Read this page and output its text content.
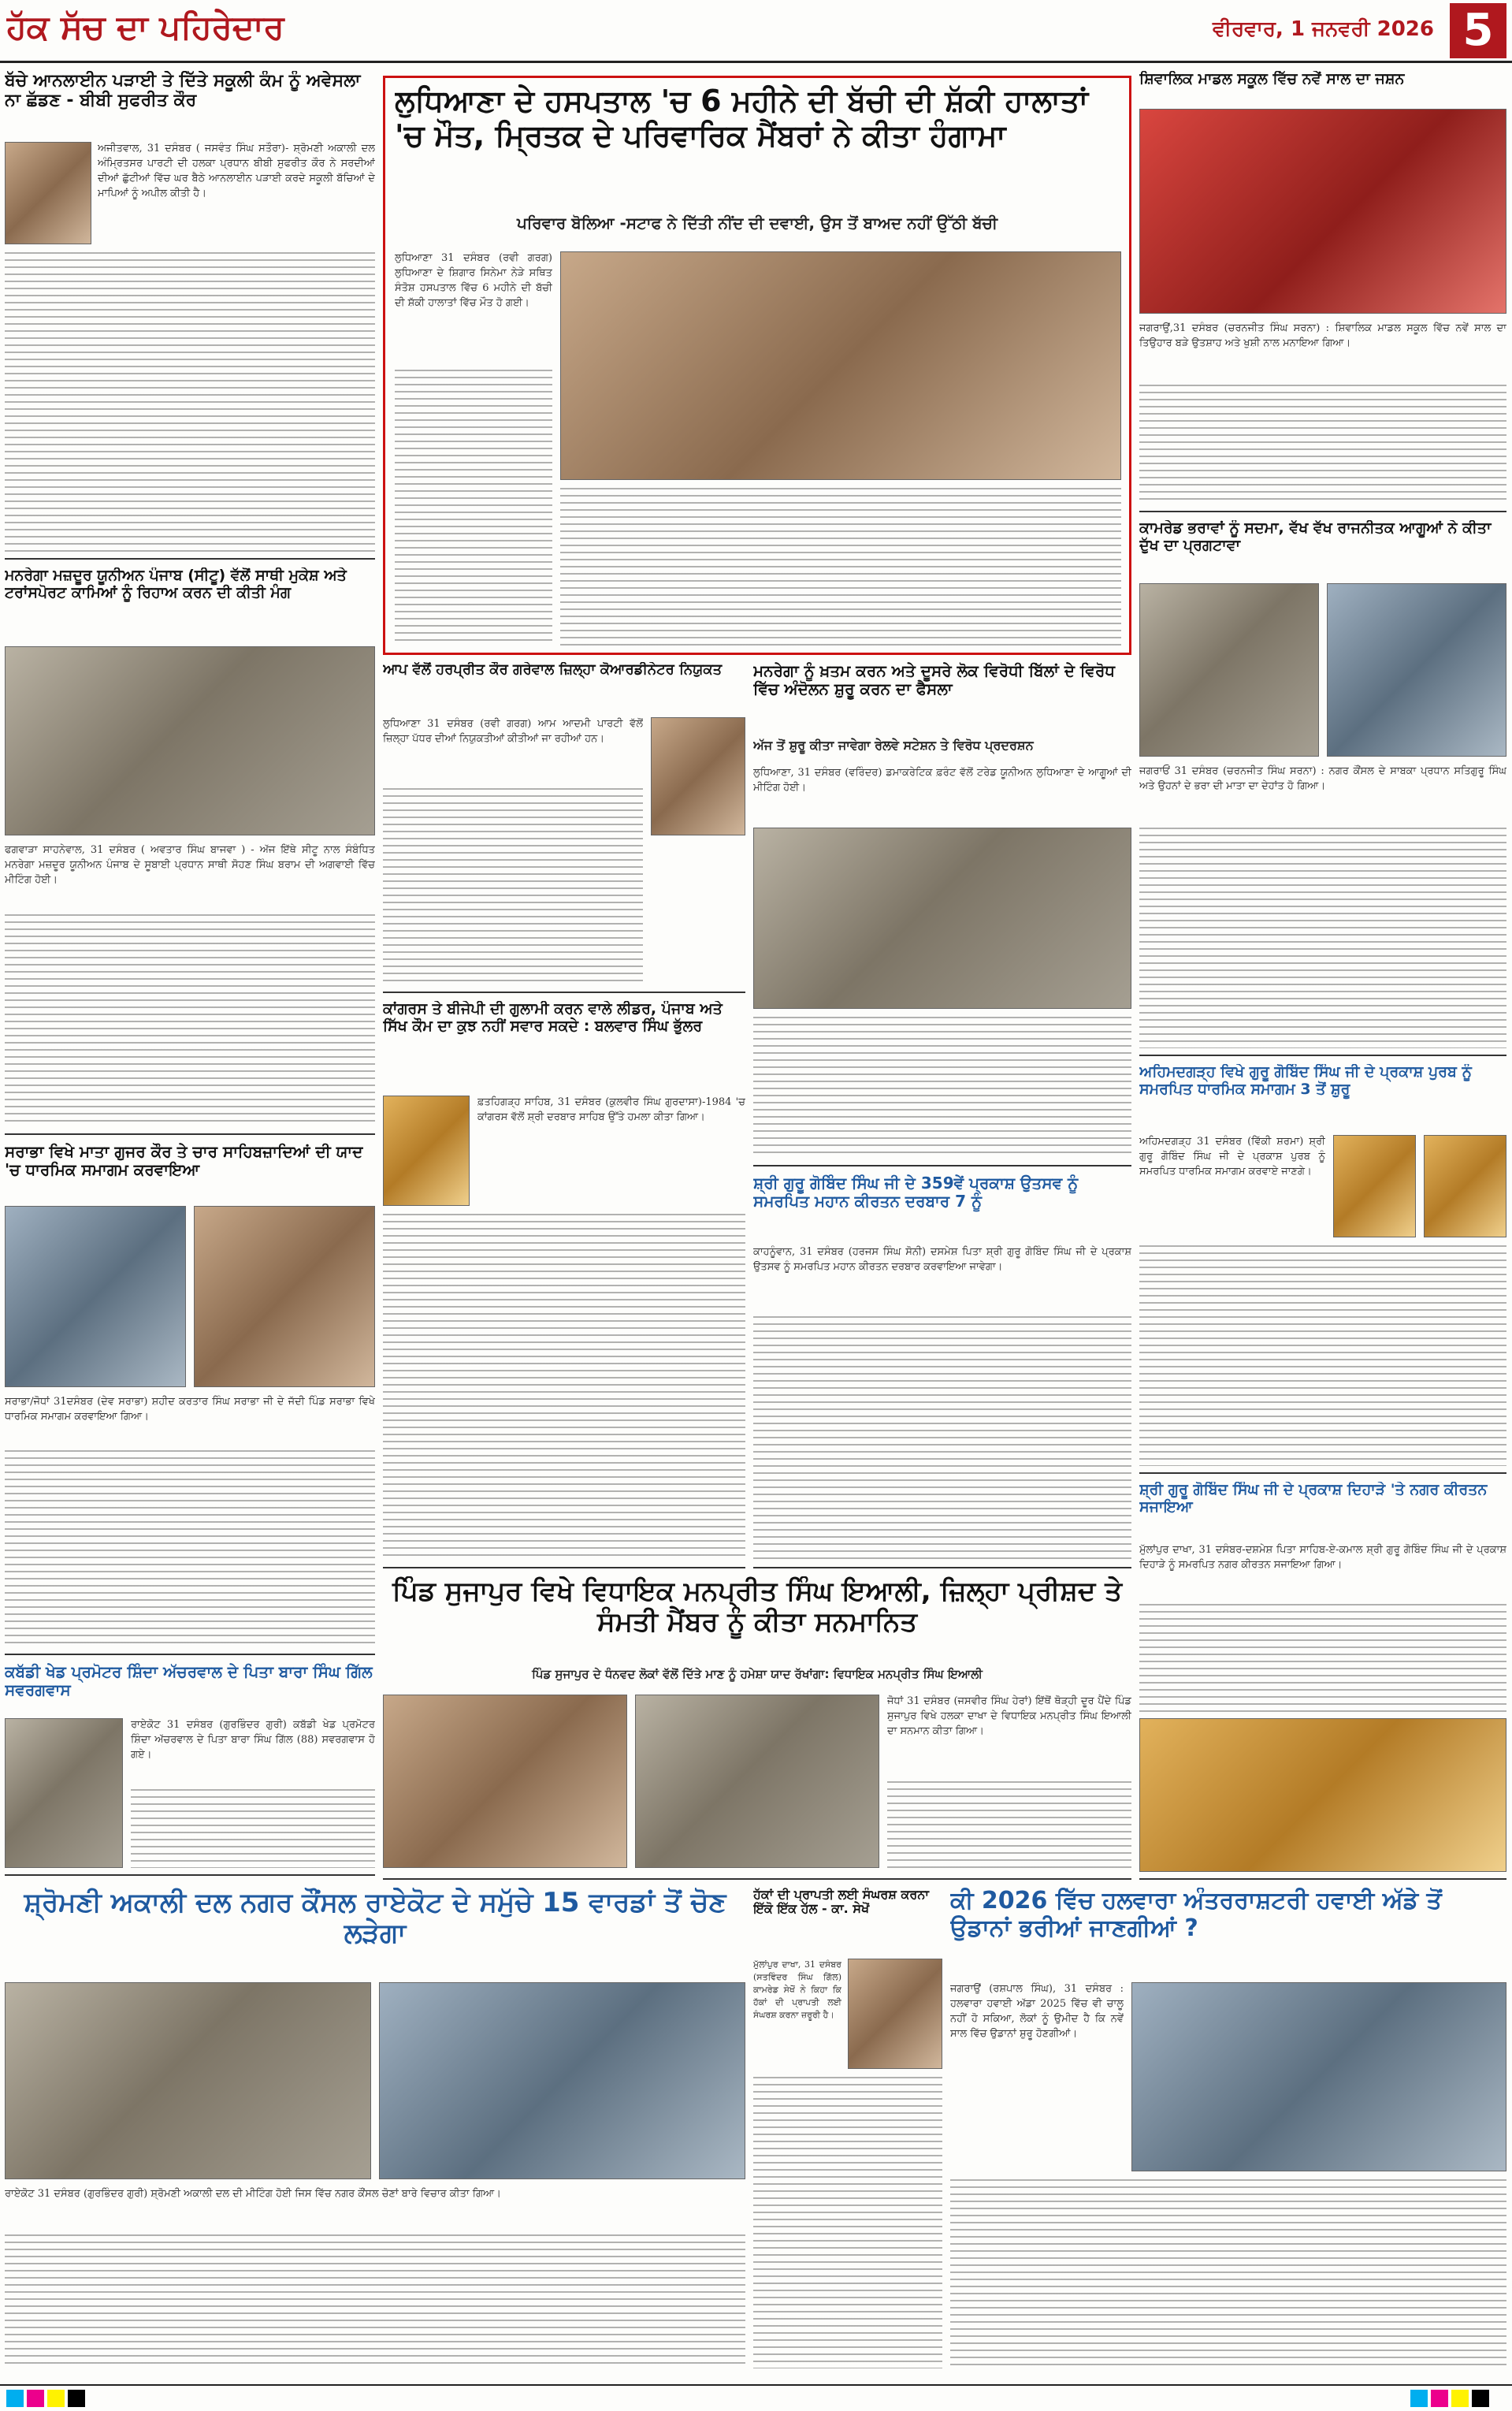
ਹੱਕ ਸੱਚ ਦਾ ਪਹਿਰੇਦਾਰ	ਵੀਰਵਾਰ, 1 ਜਨਵਰੀ 2026 5
ਬੱਚੇ ਆਨਲਾਈਨ ਪੜਾਈ ਤੇ ਦਿੱਤੇ ਸਕੂਲੀ ਕੰਮ ਨੂੰ ਅਵੇਸਲਾ ਨਾ ਛੱਡਣ - ਬੀਬੀ ਸੁਫਰੀਤ ਕੌਰ
ਅਜੀਤਵਾਲ, 31 ਦਸੰਬਰ ( ਜਸਵੰਤ ਸਿੰਘ ਸਤੌਰਾ)- ਸ਼੍ਰੋਮਣੀ ਅਕਾਲੀ ਦਲ ਅੰਮ੍ਰਿਤਸਰ ਪਾਰਟੀ ਦੀ ਹਲਕਾ ਪ੍ਰਧਾਨ ਬੀਬੀ ਸੁਫਰੀਤ ਕੌਰ ਨੇ ਸਰਦੀਆਂ ਦੀਆਂ ਛੁੱਟੀਆਂ ਵਿੱਚ ਘਰ ਬੈਠੇ ਆਨਲਾਈਨ ਪੜਾਈ ਕਰਦੇ ਸਕੂਲੀ ਬੱਚਿਆਂ ਦੇ ਮਾਪਿਆਂ ਨੂੰ ਅਪੀਲ ਕੀਤੀ ਹੈ।
ਮਨਰੇਗਾ ਮਜ਼ਦੂਰ ਯੂਨੀਅਨ ਪੰਜਾਬ (ਸੀਟੂ) ਵੱਲੋਂ ਸਾਥੀ ਮੁਕੇਸ਼ ਅਤੇ ਟਰਾਂਸਪੋਰਟ ਕਾਮਿਆਂ ਨੂੰ ਰਿਹਾਅ ਕਰਨ ਦੀ ਕੀਤੀ ਮੰਗ
ਫਗਵਾੜਾ ਸਾਹਨੇਵਾਲ, 31 ਦਸੰਬਰ ( ਅਵਤਾਰ ਸਿੰਘ ਬਾਜਵਾ ) - ਅੱਜ ਇੱਥੇ ਸੀਟੂ ਨਾਲ ਸੰਬੰਧਿਤ ਮਨਰੇਗਾ ਮਜ਼ਦੂਰ ਯੂਨੀਅਨ ਪੰਜਾਬ ਦੇ ਸੂਬਾਈ ਪ੍ਰਧਾਨ ਸਾਥੀ ਸੋਹਣ ਸਿੰਘ ਬਰਾਮ ਦੀ ਅਗਵਾਈ ਵਿੱਚ ਮੀਟਿੰਗ ਹੋਈ।
ਸਰਾਭਾ ਵਿਖੇ ਮਾਤਾ ਗੁਜਰ ਕੌਰ ਤੇ ਚਾਰ ਸਾਹਿਬਜ਼ਾਦਿਆਂ ਦੀ ਯਾਦ 'ਚ ਧਾਰਮਿਕ ਸਮਾਗਮ ਕਰਵਾਇਆ
ਸਰਾਭਾ/ਜੋਧਾਂ 31ਦਸੰਬਰ (ਦੇਵ ਸਰਾਭਾ) ਸ਼ਹੀਦ ਕਰਤਾਰ ਸਿੰਘ ਸਰਾਭਾ ਜੀ ਦੇ ਜੱਦੀ ਪਿੰਡ ਸਰਾਭਾ ਵਿਖੇ ਧਾਰਮਿਕ ਸਮਾਗਮ ਕਰਵਾਇਆ ਗਿਆ।
ਕਬੱਡੀ ਖੇਡ ਪ੍ਰਮੋਟਰ ਸ਼ਿੰਦਾ ਅੱਚਰਵਾਲ ਦੇ ਪਿਤਾ ਬਾਰਾ ਸਿੰਘ ਗਿੱਲ ਸਵਰਗਵਾਸ
ਰਾਏਕੋਟ 31 ਦਸੰਬਰ (ਗੁਰਭਿੰਦਰ ਗੁਰੀ) ਕਬੱਡੀ ਖੇਡ ਪ੍ਰਮੋਟਰ ਸ਼ਿੰਦਾ ਅੱਚਰਵਾਲ ਦੇ ਪਿਤਾ ਬਾਰਾ ਸਿੰਘ ਗਿੱਲ (88) ਸਵਰਗਵਾਸ ਹੋ ਗਏ।
ਲੁਧਿਆਣਾ ਦੇ ਹਸਪਤਾਲ 'ਚ 6 ਮਹੀਨੇ ਦੀ ਬੱਚੀ ਦੀ ਸ਼ੱਕੀ ਹਾਲਾਤਾਂ 'ਚ ਮੌਤ, ਮ੍ਰਿਤਕ ਦੇ ਪਰਿਵਾਰਿਕ ਮੈਂਬਰਾਂ ਨੇ ਕੀਤਾ ਹੰਗਾਮਾ
ਪਰਿਵਾਰ ਬੋਲਿਆ -ਸਟਾਫ ਨੇ ਦਿੱਤੀ ਨੀਂਦ ਦੀ ਦਵਾਈ, ਉਸ ਤੋਂ ਬਾਅਦ ਨਹੀਂ ਉੱਠੀ ਬੱਚੀ
ਲੁਧਿਆਣਾ 31 ਦਸੰਬਰ (ਰਵੀ ਗਰਗ) ਲੁਧਿਆਣਾ ਦੇ ਸ਼ਿਗਾਰ ਸਿਨੇਮਾ ਨੇੜੇ ਸਥਿਤ ਸੰਤੋਸ਼ ਹਸਪਤਾਲ ਵਿੱਚ 6 ਮਹੀਨੇ ਦੀ ਬੱਚੀ ਦੀ ਸ਼ੱਕੀ ਹਾਲਾਤਾਂ ਵਿੱਚ ਮੌਤ ਹੋ ਗਈ।
ਆਪ ਵੱਲੋਂ ਹਰਪ੍ਰੀਤ ਕੌਰ ਗਰੇਵਾਲ ਜ਼ਿਲ੍ਹਾ ਕੋਆਰਡੀਨੇਟਰ ਨਿਯੁਕਤ
ਲੁਧਿਆਣਾ 31 ਦਸੰਬਰ (ਰਵੀ ਗਰਗ) ਆਮ ਆਦਮੀ ਪਾਰਟੀ ਵੱਲੋਂ ਜ਼ਿਲ੍ਹਾ ਪੱਧਰ ਦੀਆਂ ਨਿਯੁਕਤੀਆਂ ਕੀਤੀਆਂ ਜਾ ਰਹੀਆਂ ਹਨ।
ਕਾਂਗਰਸ ਤੇ ਬੀਜੇਪੀ ਦੀ ਗੁਲਾਮੀ ਕਰਨ ਵਾਲੇ ਲੀਡਰ, ਪੰਜਾਬ ਅਤੇ ਸਿੱਖ ਕੌਮ ਦਾ ਕੁਝ ਨਹੀਂ ਸਵਾਰ ਸਕਦੇ : ਬਲਵਾਰ ਸਿੰਘ ਭੁੱਲਰ
ਫ਼ਤਹਿਗੜ੍ਹ ਸਾਹਿਬ, 31 ਦਸੰਬਰ (ਕੁਲਵੀਰ ਸਿੰਘ ਗੁਰਦਾਸਾ)-1984 'ਚ ਕਾਂਗਰਸ ਵੱਲੋਂ ਸ਼੍ਰੀ ਦਰਬਾਰ ਸਾਹਿਬ ਉੱਤੇ ਹਮਲਾ ਕੀਤਾ ਗਿਆ।
ਮਨਰੇਗਾ ਨੂੰ ਖ਼ਤਮ ਕਰਨ ਅਤੇ ਦੂਸਰੇ ਲੋਕ ਵਿਰੋਧੀ ਬਿੱਲਾਂ ਦੇ ਵਿਰੋਧ ਵਿੱਚ ਅੰਦੋਲਨ ਸ਼ੁਰੂ ਕਰਨ ਦਾ ਫੈਸਲਾ
ਅੱਜ ਤੋਂ ਸ਼ੁਰੂ ਕੀਤਾ ਜਾਵੇਗਾ ਰੇਲਵੇ ਸਟੇਸ਼ਨ ਤੇ ਵਿਰੋਧ ਪ੍ਰਦਰਸ਼ਨ
ਲੁਧਿਆਣਾ, 31 ਦਸੰਬਰ (ਵਰਿੰਦਰ) ਡਮਾਕਰੇਟਿਕ ਫ਼ਰੰਟ ਵੱਲੋਂ ਟਰੇਡ ਯੂਨੀਅਨ ਲੁਧਿਆਣਾ ਦੇ ਆਗੂਆਂ ਦੀ ਮੀਟਿੰਗ ਹੋਈ।
ਸ਼੍ਰੀ ਗੁਰੂ ਗੋਬਿੰਦ ਸਿੰਘ ਜੀ ਦੇ 359ਵੇਂ ਪ੍ਰਕਾਸ਼ ਉਤਸਵ ਨੂੰ ਸਮਰਪਿਤ ਮਹਾਨ ਕੀਰਤਨ ਦਰਬਾਰ 7 ਨੂੰ
ਕਾਹਨੂੰਵਾਨ, 31 ਦਸੰਬਰ (ਹਰਜਸ ਸਿੰਘ ਸੋਨੀ) ਦਸਮੇਸ਼ ਪਿਤਾ ਸ਼੍ਰੀ ਗੁਰੂ ਗੋਬਿੰਦ ਸਿੰਘ ਜੀ ਦੇ ਪ੍ਰਕਾਸ਼ ਉਤਸਵ ਨੂੰ ਸਮਰਪਿਤ ਮਹਾਨ ਕੀਰਤਨ ਦਰਬਾਰ ਕਰਵਾਇਆ ਜਾਵੇਗਾ।
ਪਿੰਡ ਸੁਜਾਪੁਰ ਵਿਖੇ ਵਿਧਾਇਕ ਮਨਪ੍ਰੀਤ ਸਿੰਘ ਇਆਲੀ, ਜ਼ਿਲ੍ਹਾ ਪ੍ਰੀਸ਼ਦ ਤੇ ਸੰਮਤੀ ਮੈਂਬਰ ਨੂੰ ਕੀਤਾ ਸਨਮਾਨਿਤ
ਪਿੰਡ ਸੁਜਾਪੁਰ ਦੇ ਧੰਨਵਦ ਲੋਕਾਂ ਵੱਲੋਂ ਦਿੱਤੇ ਮਾਣ ਨੂੰ ਹਮੇਸ਼ਾ ਯਾਦ ਰੱਖਾਂਗਾ: ਵਿਧਾਇਕ ਮਨਪ੍ਰੀਤ ਸਿੰਘ ਇਆਲੀ
ਜੋਧਾਂ 31 ਦਸੰਬਰ (ਜਸਵੀਰ ਸਿੰਘ ਹੇਰਾਂ) ਇੱਥੋਂ ਥੋੜ੍ਹੀ ਦੂਰ ਪੈਂਦੇ ਪਿੰਡ ਸੁਜਾਪੁਰ ਵਿਖੇ ਹਲਕਾ ਦਾਖਾ ਦੇ ਵਿਧਾਇਕ ਮਨਪ੍ਰੀਤ ਸਿੰਘ ਇਆਲੀ ਦਾ ਸਨਮਾਨ ਕੀਤਾ ਗਿਆ।
ਸ਼ਿਵਾਲਿਕ ਮਾਡਲ ਸਕੂਲ ਵਿੱਚ ਨਵੇਂ ਸਾਲ ਦਾ ਜਸ਼ਨ
ਜਗਰਾਉਂ,31 ਦਸੰਬਰ (ਚਰਨਜੀਤ ਸਿੰਘ ਸਰਨਾ) : ਸ਼ਿਵਾਲਿਕ ਮਾਡਲ ਸਕੂਲ ਵਿੱਚ ਨਵੇਂ ਸਾਲ ਦਾ ਤਿਉਹਾਰ ਬੜੇ ਉਤਸ਼ਾਹ ਅਤੇ ਖੁਸ਼ੀ ਨਾਲ ਮਨਾਇਆ ਗਿਆ।
ਕਾਮਰੇਡ ਭਰਾਵਾਂ ਨੂੰ ਸਦਮਾ, ਵੱਖ ਵੱਖ ਰਾਜਨੀਤਕ ਆਗੂਆਂ ਨੇ ਕੀਤਾ ਦੁੱਖ ਦਾ ਪ੍ਰਗਟਾਵਾ
ਜਗਰਾਓਂ 31 ਦਸੰਬਰ (ਚਰਨਜੀਤ ਸਿੰਘ ਸਰਨਾ) : ਨਗਰ ਕੌਂਸਲ ਦੇ ਸਾਬਕਾ ਪ੍ਰਧਾਨ ਸਤਿਗੁਰੂ ਸਿੰਘ ਅਤੇ ਉਹਨਾਂ ਦੇ ਭਰਾ ਦੀ ਮਾਤਾ ਦਾ ਦੇਹਾਂਤ ਹੋ ਗਿਆ।
ਅਹਿਮਦਗੜ੍ਹ ਵਿਖੇ ਗੁਰੂ ਗੋਬਿੰਦ ਸਿੰਘ ਜੀ ਦੇ ਪ੍ਰਕਾਸ਼ ਪੁਰਬ ਨੂੰ ਸਮਰਪਿਤ ਧਾਰਮਿਕ ਸਮਾਗਮ 3 ਤੋਂ ਸ਼ੁਰੂ
ਅਹਿਮਦਗੜ੍ਹ 31 ਦਸੰਬਰ (ਵਿੱਕੀ ਸ਼ਰਮਾ) ਸ਼੍ਰੀ ਗੁਰੂ ਗੋਬਿੰਦ ਸਿੰਘ ਜੀ ਦੇ ਪ੍ਰਕਾਸ਼ ਪੁਰਬ ਨੂੰ ਸਮਰਪਿਤ ਧਾਰਮਿਕ ਸਮਾਗਮ ਕਰਵਾਏ ਜਾਣਗੇ।
ਸ਼੍ਰੀ ਗੁਰੂ ਗੋਬਿੰਦ ਸਿੰਘ ਜੀ ਦੇ ਪ੍ਰਕਾਸ਼ ਦਿਹਾੜੇ 'ਤੇ ਨਗਰ ਕੀਰਤਨ ਸਜਾਇਆ
ਮੁੱਲਾਂਪੁਰ ਦਾਖਾ, 31 ਦਸੰਬਰ-ਦਸ਼ਮੇਸ਼ ਪਿਤਾ ਸਾਹਿਬ-ਏ-ਕਮਾਲ ਸ਼੍ਰੀ ਗੁਰੂ ਗੋਬਿੰਦ ਸਿੰਘ ਜੀ ਦੇ ਪ੍ਰਕਾਸ਼ ਦਿਹਾੜੇ ਨੂੰ ਸਮਰਪਿਤ ਨਗਰ ਕੀਰਤਨ ਸਜਾਇਆ ਗਿਆ।
ਸ਼੍ਰੋਮਣੀ ਅਕਾਲੀ ਦਲ ਨਗਰ ਕੌਂਸਲ ਰਾਏਕੋਟ ਦੇ ਸਮੁੱਚੇ 15 ਵਾਰਡਾਂ ਤੋਂ ਚੋਣ ਲੜੇਗਾ
ਰਾਏਕੋਟ 31 ਦਸੰਬਰ (ਗੁਰਭਿੰਦਰ ਗੁਰੀ) ਸ਼੍ਰੋਮਣੀ ਅਕਾਲੀ ਦਲ ਦੀ ਮੀਟਿੰਗ ਹੋਈ ਜਿਸ ਵਿੱਚ ਨਗਰ ਕੌਂਸਲ ਚੋਣਾਂ ਬਾਰੇ ਵਿਚਾਰ ਕੀਤਾ ਗਿਆ।
ਹੱਕਾਂ ਦੀ ਪ੍ਰਾਪਤੀ ਲਈ ਸੰਘਰਸ਼ ਕਰਨਾ ਇੱਕੋ ਇੱਕ ਹੱਲ - ਕਾ. ਸੇਖੋਂ
ਮੁੱਲਾਂਪੁਰ ਦਾਖਾ, 31 ਦਸੰਬਰ (ਸਤਵਿੰਦਰ ਸਿੰਘ ਗਿੱਲ) ਕਾਮਰੇਡ ਸੇਖੋਂ ਨੇ ਕਿਹਾ ਕਿ ਹੱਕਾਂ ਦੀ ਪ੍ਰਾਪਤੀ ਲਈ ਸੰਘਰਸ਼ ਕਰਨਾ ਜ਼ਰੂਰੀ ਹੈ।
ਕੀ 2026 ਵਿੱਚ ਹਲਵਾਰਾ ਅੰਤਰਰਾਸ਼ਟਰੀ ਹਵਾਈ ਅੱਡੇ ਤੋਂ ਉਡਾਨਾਂ ਭਰੀਆਂ ਜਾਣਗੀਆਂ ?
ਜਗਰਾਉਂ (ਰਸ਼ਪਾਲ ਸਿੰਘ), 31 ਦਸੰਬਰ : ਹਲਵਾਰਾ ਹਵਾਈ ਅੱਡਾ 2025 ਵਿੱਚ ਵੀ ਚਾਲੂ ਨਹੀਂ ਹੋ ਸਕਿਆ, ਲੋਕਾਂ ਨੂੰ ਉਮੀਦ ਹੈ ਕਿ ਨਵੇਂ ਸਾਲ ਵਿੱਚ ਉਡਾਨਾਂ ਸ਼ੁਰੂ ਹੋਣਗੀਆਂ।
